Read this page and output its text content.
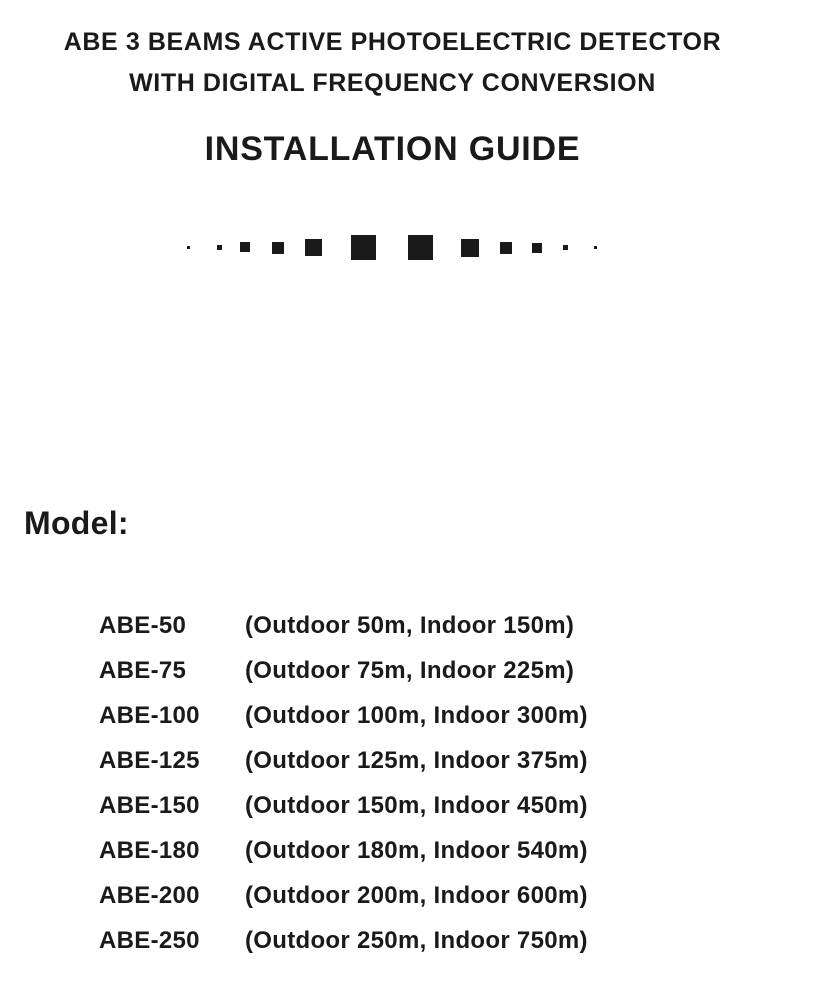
ABE 3 BEAMS ACTIVE PHOTOELECTRIC DETECTOR
WITH DIGITAL FREQUENCY CONVERSION
INSTALLATION GUIDE
Model:
ABE-50 (Outdoor 50m, Indoor 150m)
ABE-75 (Outdoor 75m, Indoor 225m)
ABE-100 (Outdoor 100m, Indoor 300m)
ABE-125 (Outdoor 125m, Indoor 375m)
ABE-150 (Outdoor 150m, Indoor 450m)
ABE-180 (Outdoor 180m, Indoor 540m)
ABE-200 (Outdoor 200m, Indoor 600m)
ABE-250 (Outdoor 250m, Indoor 750m)
